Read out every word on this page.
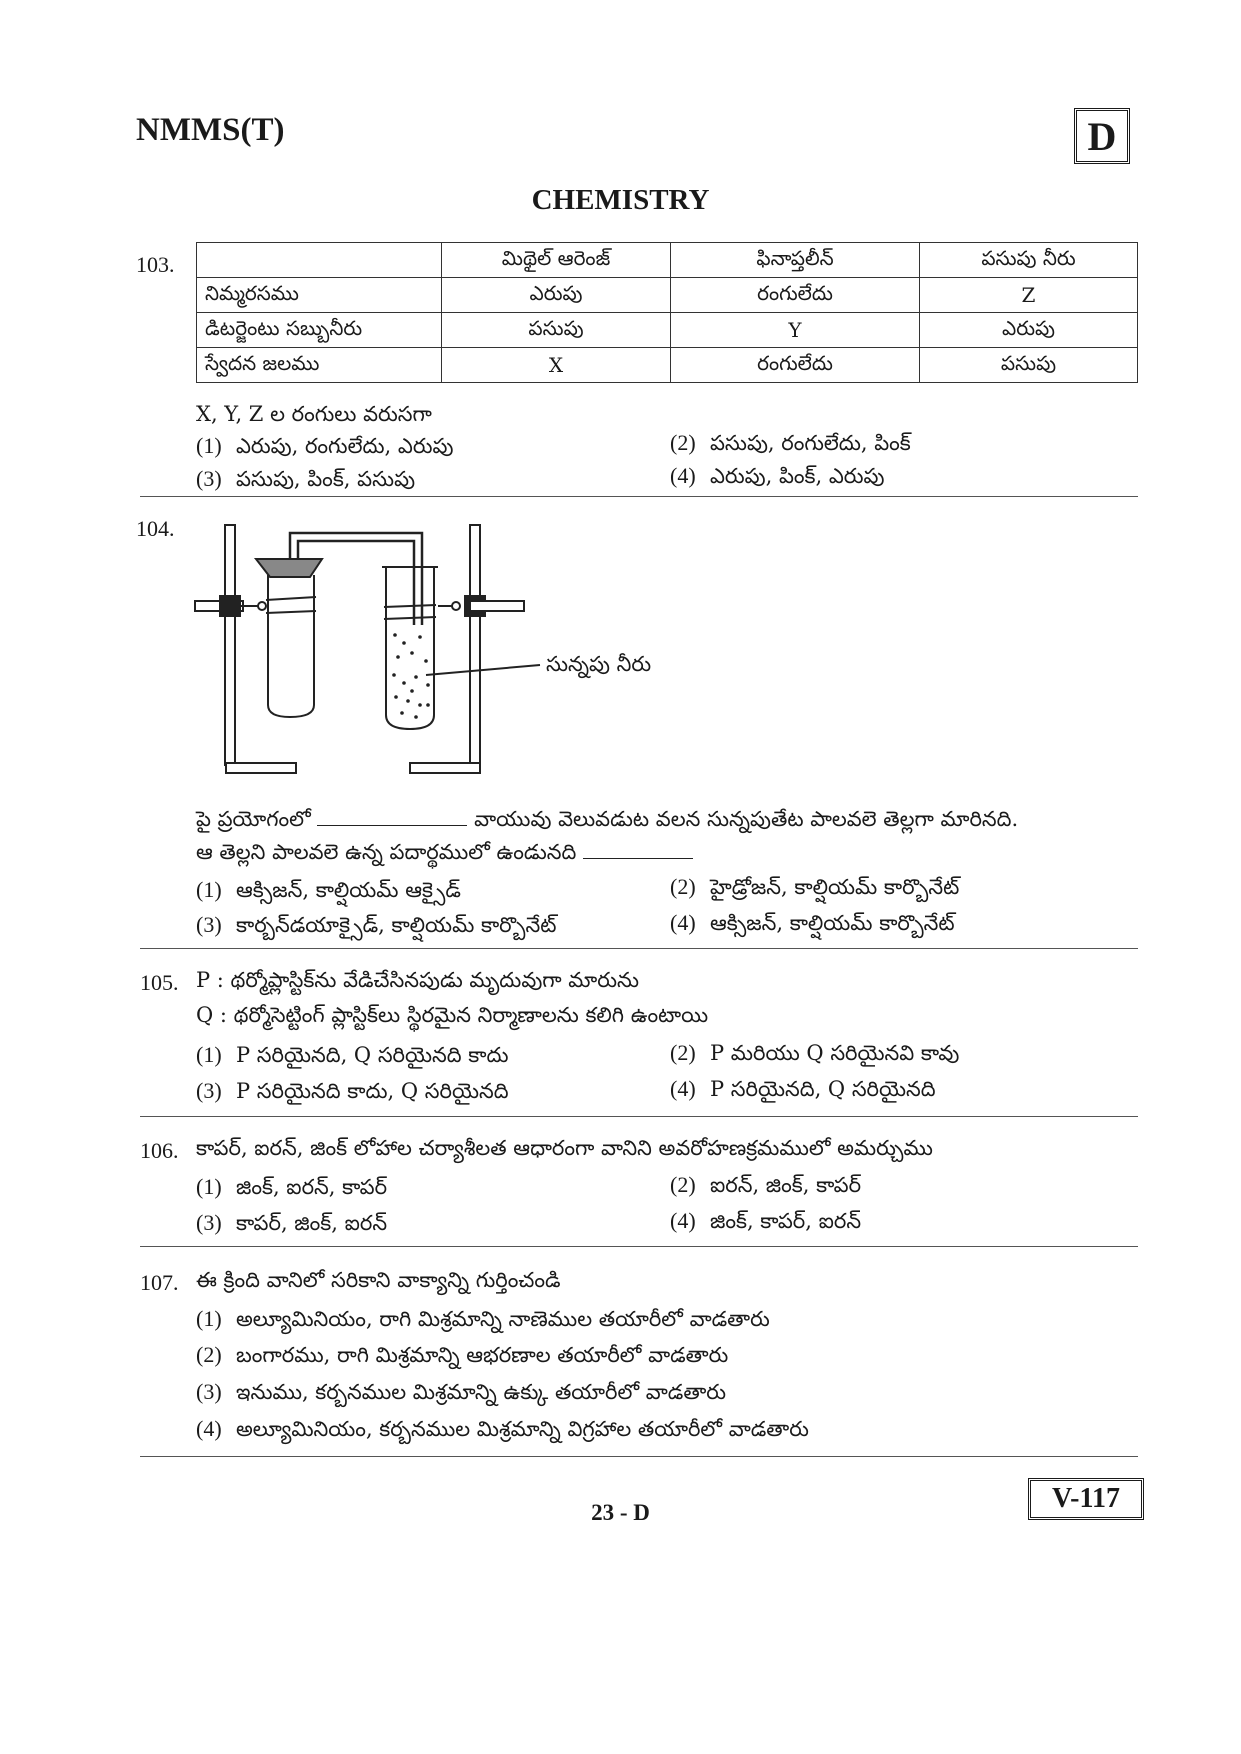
NMMS(T)	D
CHEMISTRY
103.
		మిథైల్ ఆరెంజ్	ఫినాప్తలీన్	పసుపు నీరు
నిమ్మరసము	ఎరుపు	రంగులేదు	Z
డిటర్జెంటు సబ్బునీరు	పసుపు	Y	ఎరుపు
స్వేదన జలము	X	రంగులేదు	పసుపు
X, Y, Z ల రంగులు వరుసగా
(1) ఎరుపు, రంగులేదు, ఎరుపు	(2) పసుపు, రంగులేదు, పింక్
(3) పసుపు, పింక్, పసుపు	(4) ఎరుపు, పింక్, ఎరుపు
104.
సున్నపు నీరు
పై ప్రయోగంలో	వాయువు వెలువడుట వలన సున్నపుతేట పాలవలె తెల్లగా మారినది.
ఆ తెల్లని పాలవలె ఉన్న పదార్థములో ఉండునది
(1) ఆక్సిజన్, కాల్షియమ్ ఆక్సైడ్	(2) హైడ్రోజన్, కాల్షియమ్ కార్బొనేట్
(3) కార్బన్‌డయాక్సైడ్, కాల్షియమ్ కార్బొనేట్	(4) ఆక్సిజన్, కాల్షియమ్ కార్బొనేట్
105. P : థర్మోప్లాస్టిక్‌ను వేడిచేసినపుడు మృదువుగా మారును
Q : థర్మోసెట్టింగ్ ప్లాస్టిక్‌లు స్థిరమైన నిర్మాణాలను కలిగి ఉంటాయి
(1) P సరియైనది, Q సరియైనది కాదు	(2) P మరియు Q సరియైనవి కావు
(3) P సరియైనది కాదు, Q సరియైనది	(4) P సరియైనది, Q సరియైనది
106. కాపర్, ఐరన్, జింక్ లోహాల చర్యాశీలత ఆధారంగా వానిని అవరోహణక్రమములో అమర్చుము
(1) జింక్, ఐరన్, కాపర్	(2) ఐరన్, జింక్, కాపర్
(3) కాపర్, జింక్, ఐరన్	(4) జింక్, కాపర్, ఐరన్
107. ఈ క్రింది వానిలో సరికాని వాక్యాన్ని గుర్తించండి
(1) అల్యూమినియం, రాగి మిశ్రమాన్ని నాణెముల తయారీలో వాడతారు
(2) బంగారము, రాగి మిశ్రమాన్ని ఆభరణాల తయారీలో వాడతారు
(3) ఇనుము, కర్బనముల మిశ్రమాన్ని ఉక్కు తయారీలో వాడతారు
(4) అల్యూమినియం, కర్బనముల మిశ్రమాన్ని విగ్రహాల తయారీలో వాడతారు
23 - D	V-117
